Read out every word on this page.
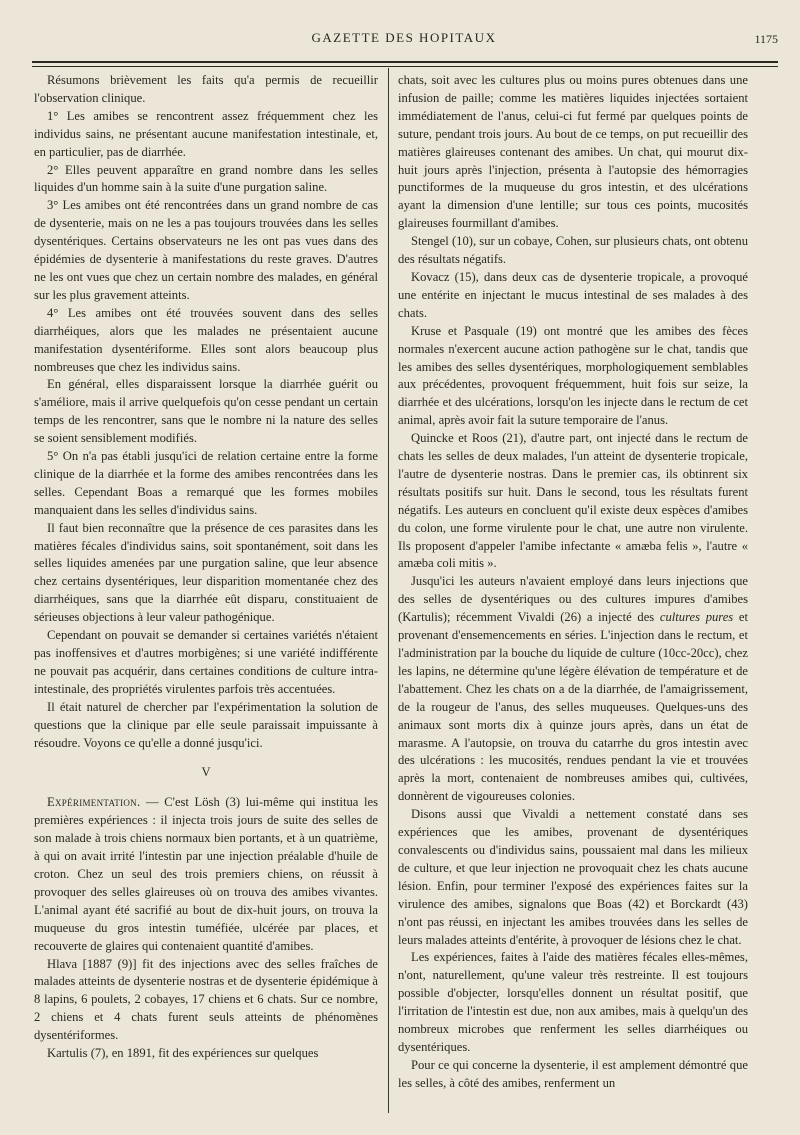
GAZETTE DES HOPITAUX	1175

Résumons brièvement les faits qu'a permis de recueillir l'observation clinique.

1° Les amibes se rencontrent assez fréquemment chez les individus sains, ne présentant aucune manifestation intestinale, et, en particulier, pas de diarrhée.

2° Elles peuvent apparaître en grand nombre dans les selles liquides d'un homme sain à la suite d'une purgation saline.

3° Les amibes ont été rencontrées dans un grand nombre de cas de dysenterie, mais on ne les a pas toujours trouvées dans les selles dysentériques. Certains observateurs ne les ont pas vues dans des épidémies de dysenterie à manifestations du reste graves. D'autres ne les ont vues que chez un certain nombre des malades, en général sur les plus gravement atteints.

4° Les amibes ont été trouvées souvent dans des selles diarrhéiques, alors que les malades ne présentaient aucune manifestation dysentériforme. Elles sont alors beaucoup plus nombreuses que chez les individus sains.

En général, elles disparaissent lorsque la diarrhée guérit ou s'améliore, mais il arrive quelquefois qu'on cesse pendant un certain temps de les rencontrer, sans que le nombre ni la nature des selles se soient sensiblement modifiés.

5° On n'a pas établi jusqu'ici de relation certaine entre la forme clinique de la diarrhée et la forme des amibes rencontrées dans les selles. Cependant Boas a remarqué que les formes mobiles manquaient dans les selles d'individus sains.

Il faut bien reconnaître que la présence de ces parasites dans les matières fécales d'individus sains, soit spontanément, soit dans les selles liquides amenées par une purgation saline, que leur absence chez certains dysentériques, leur disparition momentanée chez des diarrhéiques, sans que la diarrhée eût disparu, constituaient de sérieuses objections à leur valeur pathogénique.

Cependant on pouvait se demander si certaines variétés n'étaient pas inoffensives et d'autres morbigènes; si une variété indifférente ne pouvait pas acquérir, dans certaines conditions de culture intra-intestinale, des propriétés virulentes parfois très accentuées.

Il était naturel de chercher par l'expérimentation la solution de questions que la clinique par elle seule paraissait impuissante à résoudre. Voyons ce qu'elle a donné jusqu'ici.

V

Expérimentation. — C'est Lösh (3) lui-même qui institua les premières expériences : il injecta trois jours de suite des selles de son malade à trois chiens normaux bien portants, et à un quatrième, à qui on avait irrité l'intestin par une injection préalable d'huile de croton. Chez un seul des trois premiers chiens, on réussit à provoquer des selles glaireuses où on trouva des amibes vivantes. L'animal ayant été sacrifié au bout de dix-huit jours, on trouva la muqueuse du gros intestin tuméfiée, ulcérée par places, et recouverte de glaires qui contenaient quantité d'amibes.

Hlava [1887 (9)] fit des injections avec des selles fraîches de malades atteints de dysenterie nostras et de dysenterie épidémique à 8 lapins, 6 poulets, 2 cobayes, 17 chiens et 6 chats. Sur ce nombre, 2 chiens et 4 chats furent seuls atteints de phénomènes dysentériformes.

Kartulis (7), en 1891, fit des expériences sur quelques

chats, soit avec les cultures plus ou moins pures obtenues dans une infusion de paille; comme les matières liquides injectées sortaient immédiatement de l'anus, celui-ci fut fermé par quelques points de suture, pendant trois jours. Au bout de ce temps, on put recueillir des matières glaireuses contenant des amibes. Un chat, qui mourut dix-huit jours après l'injection, présenta à l'autopsie des hémorragies punctiformes de la muqueuse du gros intestin, et des ulcérations ayant la dimension d'une lentille; sur tous ces points, mucosités glaireuses fourmillant d'amibes.

Stengel (10), sur un cobaye, Cohen, sur plusieurs chats, ont obtenu des résultats négatifs.

Kovacz (15), dans deux cas de dysenterie tropicale, a provoqué une entérite en injectant le mucus intestinal de ses malades à des chats.

Kruse et Pasquale (19) ont montré que les amibes des fèces normales n'exercent aucune action pathogène sur le chat, tandis que les amibes des selles dysentériques, morphologiquement semblables aux précédentes, provoquent fréquemment, huit fois sur seize, la diarrhée et des ulcérations, lorsqu'on les injecte dans le rectum de cet animal, après avoir fait la suture temporaire de l'anus.

Quincke et Roos (21), d'autre part, ont injecté dans le rectum de chats les selles de deux malades, l'un atteint de dysenterie tropicale, l'autre de dysenterie nostras. Dans le premier cas, ils obtinrent six résultats positifs sur huit. Dans le second, tous les résultats furent négatifs. Les auteurs en concluent qu'il existe deux espèces d'amibes du colon, une forme virulente pour le chat, une autre non virulente. Ils proposent d'appeler l'amibe infectante « amæba felis », l'autre « amæba coli mitis ».

Jusqu'ici les auteurs n'avaient employé dans leurs injections que des selles de dysentériques ou des cultures impures d'amibes (Kartulis); récemment Vivaldi (26) a injecté des cultures pures et provenant d'ensemencements en séries. L'injection dans le rectum, et l'administration par la bouche du liquide de culture (10cc-20cc), chez les lapins, ne détermine qu'une légère élévation de température et de l'abattement. Chez les chats on a de la diarrhée, de l'amaigrissement, de la rougeur de l'anus, des selles muqueuses. Quelques-uns des animaux sont morts dix à quinze jours après, dans un état de marasme. A l'autopsie, on trouva du catarrhe du gros intestin avec des ulcérations : les mucosités, rendues pendant la vie et trouvées après la mort, contenaient de nombreuses amibes qui, cultivées, donnèrent de vigoureuses colonies.

Disons aussi que Vivaldi a nettement constaté dans ses expériences que les amibes, provenant de dysentériques convalescents ou d'individus sains, poussaient mal dans les milieux de culture, et que leur injection ne provoquait chez les chats aucune lésion. Enfin, pour terminer l'exposé des expériences faites sur la virulence des amibes, signalons que Boas (42) et Borckardt (43) n'ont pas réussi, en injectant les amibes trouvées dans les selles de leurs malades atteints d'entérite, à provoquer de lésions chez le chat.

Les expériences, faites à l'aide des matières fécales elles-mêmes, n'ont, naturellement, qu'une valeur très restreinte. Il est toujours possible d'objecter, lorsqu'elles donnent un résultat positif, que l'irritation de l'intestin est due, non aux amibes, mais à quelqu'un des nombreux microbes que renferment les selles diarrhéiques ou dysentériques.

Pour ce qui concerne la dysenterie, il est amplement démontré que les selles, à côté des amibes, renferment un
